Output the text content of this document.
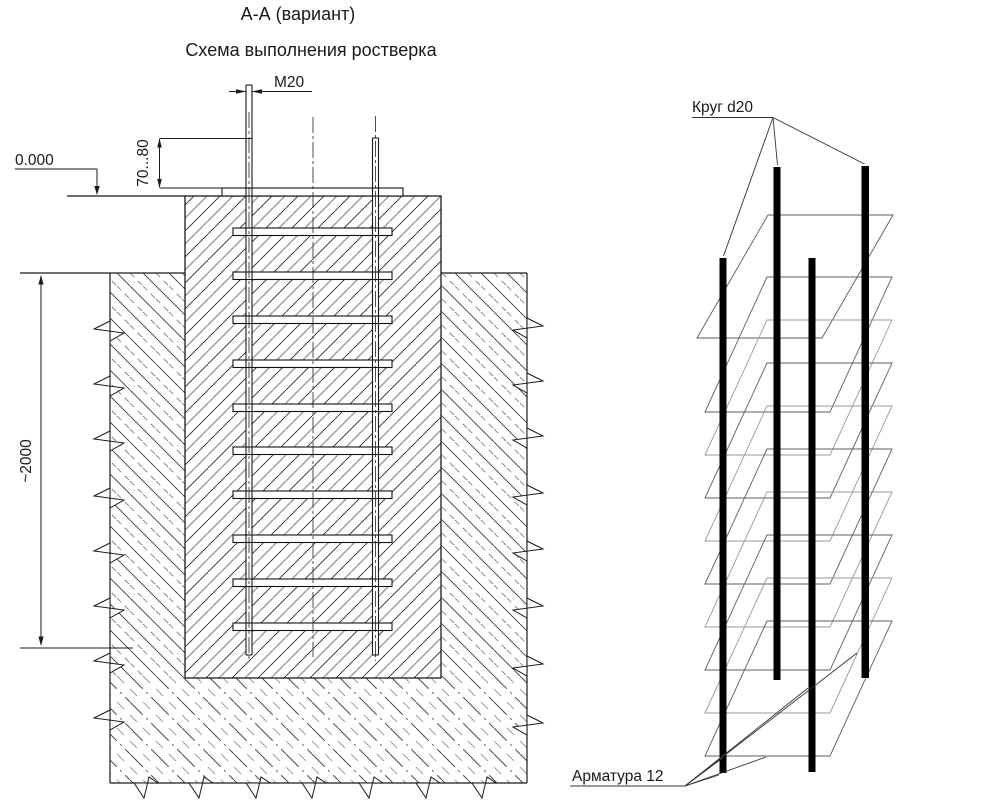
А-А (вариант)
Схема выполнения ростверка
М20
70...80
0.000
~2000
Круг d20
Арматура 12
